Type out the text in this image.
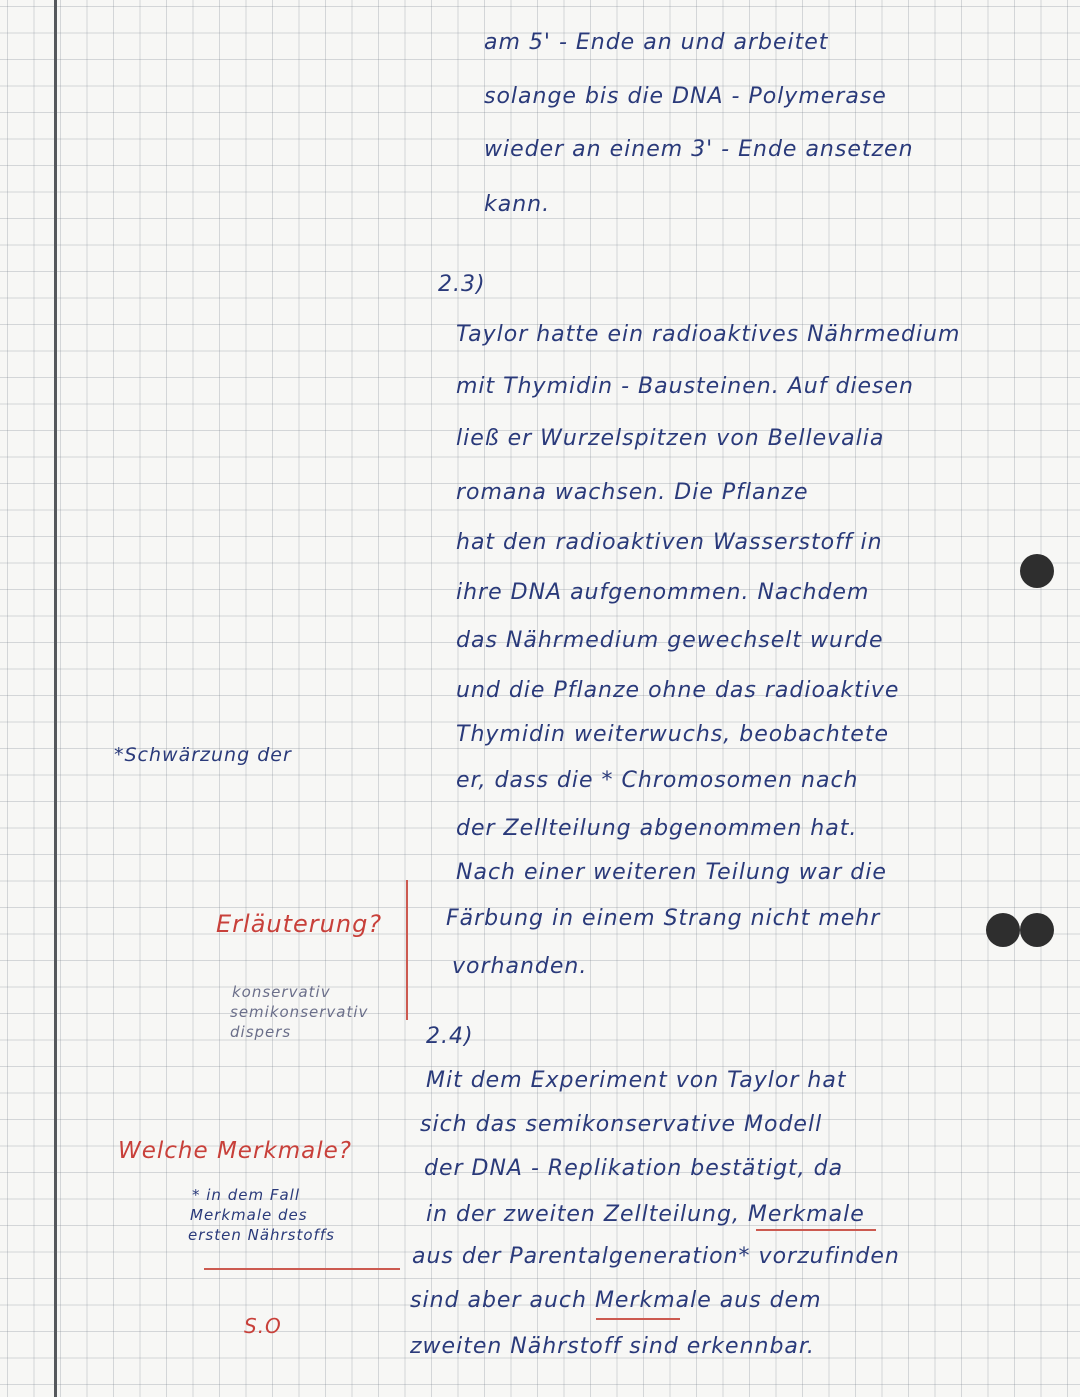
am 5' - Ende an und arbeitet
solange bis die DNA - Polymerase
wieder an einem 3' - Ende ansetzen
kann.
2.3)
Taylor hatte ein radioaktives Nährmedium
mit Thymidin - Bausteinen. Auf diesen
ließ er Wurzelspitzen von Bellevalia
romana wachsen. Die Pflanze
hat den radioaktiven Wasserstoff in
ihre DNA aufgenommen. Nachdem
das Nährmedium gewechselt wurde
und die Pflanze ohne das radioaktive
Thymidin weiterwuchs, beobachtete
er, dass die * Chromosomen nach
der Zellteilung abgenommen hat.
Nach einer weiteren Teilung war die
Färbung in einem Strang nicht mehr
vorhanden.
2.4)
Mit dem Experiment von Taylor hat
sich das semikonservative Modell
der DNA - Replikation bestätigt, da
in der zweiten Zellteilung, Merkmale
aus der Parentalgeneration* vorzufinden
sind aber auch Merkmale aus dem
zweiten Nährstoff sind erkennbar.
*Schwärzung der
Erläuterung?
konservativ
semikonservativ
dispers
Welche Merkmale?
* in dem Fall
Merkmale des
ersten Nährstoffs
S.O
